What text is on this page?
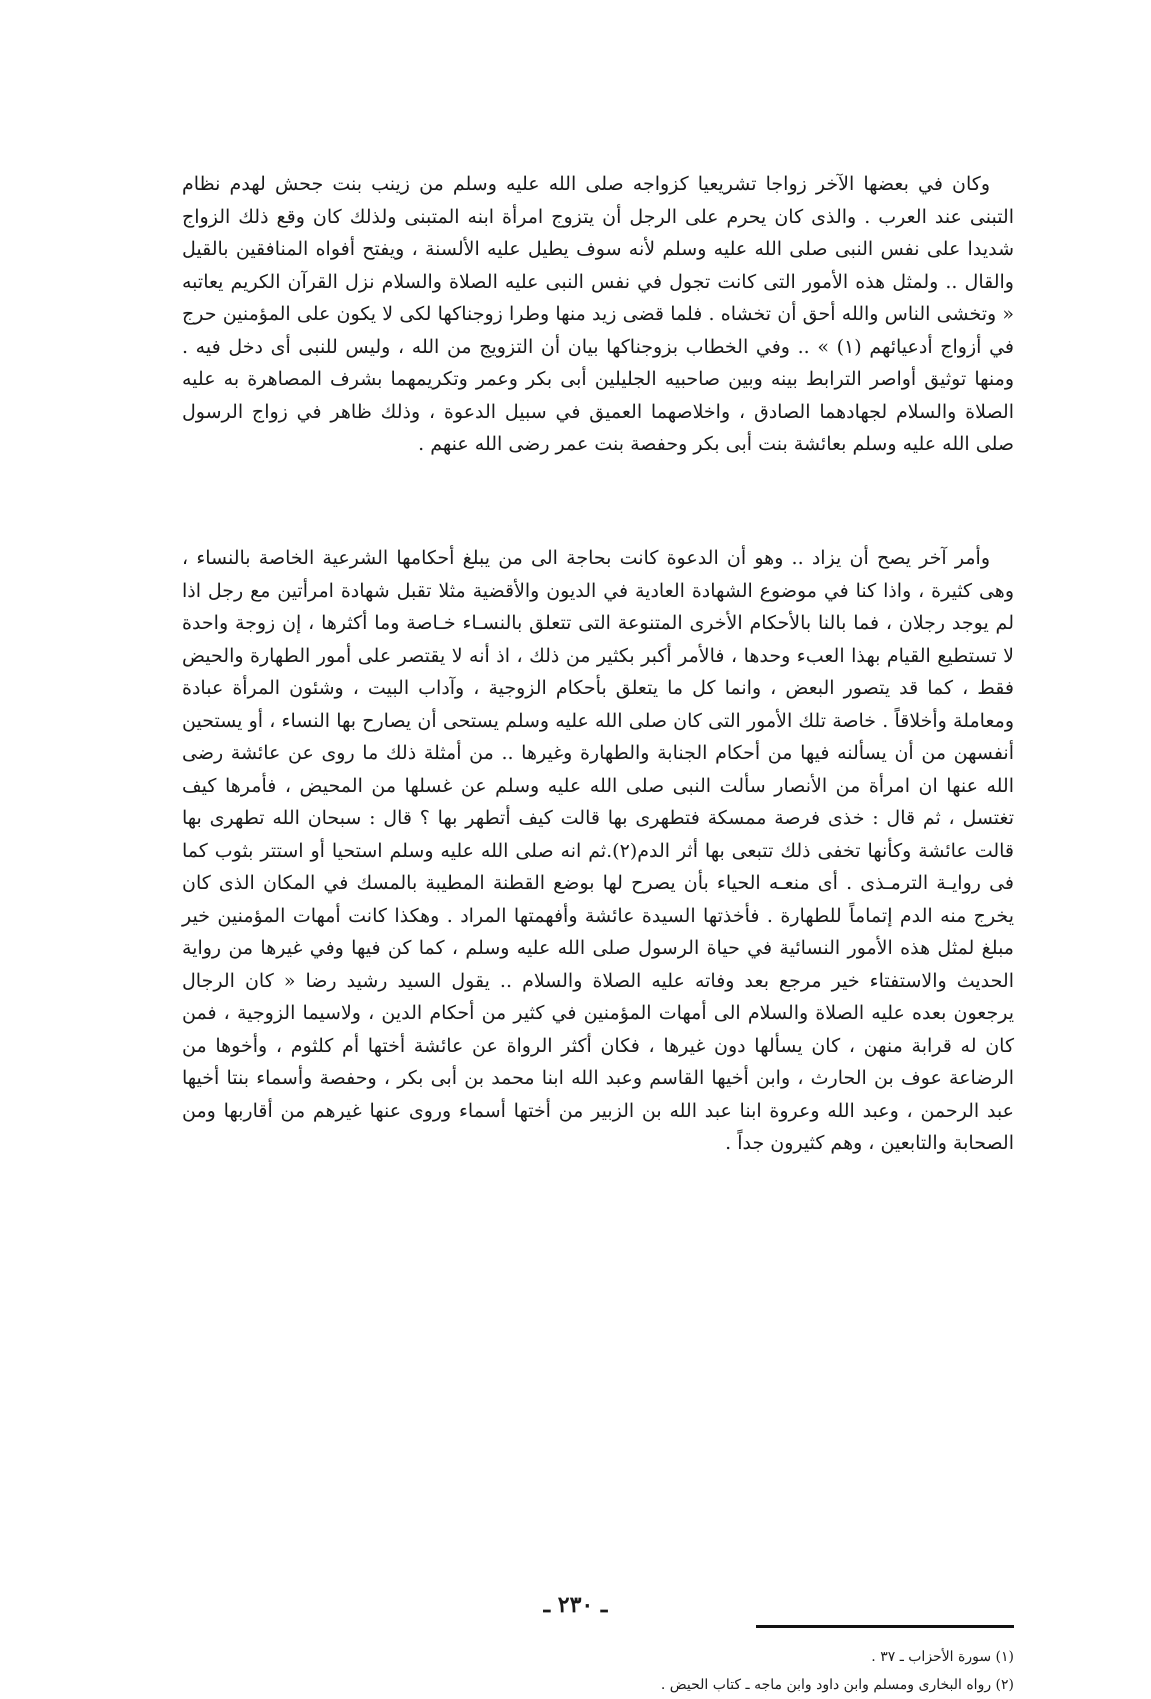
وكان في بعضها الآخر زواجا تشريعيا كزواجه صلى الله عليه وسلم من زينب بنت جحش لهدم نظام التبنى عند العرب . والذى كان يحرم على الرجل أن يتزوج امرأة ابنه المتبنى ولذلك كان وقع ذلك الزواج شديدا على نفس النبى صلى الله عليه وسلم لأنه سوف يطيل عليه الألسنة ، ويفتح أفواه المنافقين بالقيل والقال .. ولمثل هذه الأمور التى كانت تجول في نفس النبى عليه الصلاة والسلام نزل القرآن الكريم يعاتبه « وتخشى الناس والله أحق أن تخشاه . فلما قضى زيد منها وطرا زوجناكها لكى لا يكون على المؤمنين حرج في أزواج أدعيائهم (١) » .. وفي الخطاب بزوجناكها بيان أن التزويج من الله ، وليس للنبى أى دخل فيه . ومنها توثيق أواصر الترابط بينه وبين صاحبيه الجليلين أبى بكر وعمر وتكريمهما بشرف المصاهرة به عليه الصلاة والسلام لجهادهما الصادق ، واخلاصهما العميق في سبيل الدعوة ، وذلك ظاهر في زواج الرسول صلى الله عليه وسلم بعائشة بنت أبى بكر وحفصة بنت عمر رضى الله عنهم .

وأمر آخر يصح أن يزاد .. وهو أن الدعوة كانت بحاجة الى من يبلغ أحكامها الشرعية الخاصة بالنساء ، وهى كثيرة ، واذا كنا في موضوع الشهادة العادية في الديون والأقضية مثلا تقبل شهادة امرأتين مع رجل اذا لم يوجد رجلان ، فما بالنا بالأحكام الأخرى المتنوعة التى تتعلق بالنسـاء خـاصة وما أكثرها ، إن زوجة واحدة لا تستطيع القيام بهذا العبء وحدها ، فالأمر أكبر بكثير من ذلك ، اذ أنه لا يقتصر على أمور الطهارة والحيض فقط ، كما قد يتصور البعض ، وانما كل ما يتعلق بأحكام الزوجية ، وآداب البيت ، وشئون المرأة عبادة ومعاملة وأخلاقاً . خاصة تلك الأمور التى كان صلى الله عليه وسلم يستحى أن يصارح بها النساء ، أو يستحين أنفسهن من أن يسألنه فيها من أحكام الجنابة والطهارة وغيرها .. من أمثلة ذلك ما روى عن عائشة رضى الله عنها ان امرأة من الأنصار سألت النبى صلى الله عليه وسلم عن غسلها من المحيض ، فأمرها كيف تغتسل ، ثم قال : خذى فرصة ممسكة فتطهرى بها قالت كيف أتطهر بها ؟ قال : سبحان الله تطهرى بها قالت عائشة وكأنها تخفى ذلك تتبعى بها أثر الدم(٢).ثم انه صلى الله عليه وسلم استحيا أو استتر بثوب كما فى روايـة الترمـذى . أى منعـه الحياء بأن يصرح لها بوضع القطنة المطيبة بالمسك في المكان الذى كان يخرج منه الدم إتماماً للطهارة . فأخذتها السيدة عائشة وأفهمتها المراد . وهكذا كانت أمهات المؤمنين خير مبلغ لمثل هذه الأمور النسائية في حياة الرسول صلى الله عليه وسلم ، كما كن فيها وفي غيرها من رواية الحديث والاستفتاء خير مرجع بعد وفاته عليه الصلاة والسلام .. يقول السيد رشيد رضا « كان الرجال يرجعون بعده عليه الصلاة والسلام الى أمهات المؤمنين في كثير من أحكام الدين ، ولاسيما الزوجية ، فمن كان له قرابة منهن ، كان يسألها دون غيرها ، فكان أكثر الرواة عن عائشة أختها أم كلثوم ، وأخوها من الرضاعة عوف بن الحارث ، وابن أخيها القاسم وعبد الله ابنا محمد بن أبى بكر ، وحفصة وأسماء بنتا أخيها عبد الرحمن ، وعبد الله وعروة ابنا عبد الله بن الزبير من أختها أسماء وروى عنها غيرهم من أقاربها ومن الصحابة والتابعين ، وهم كثيرون جداً .

(١) سورة الأحزاب ـ ٣٧ .
(٢) رواه البخارى ومسلم وابن داود وابن ماجه ـ كتاب الحيض .
ـ ٢٣٠ ـ
